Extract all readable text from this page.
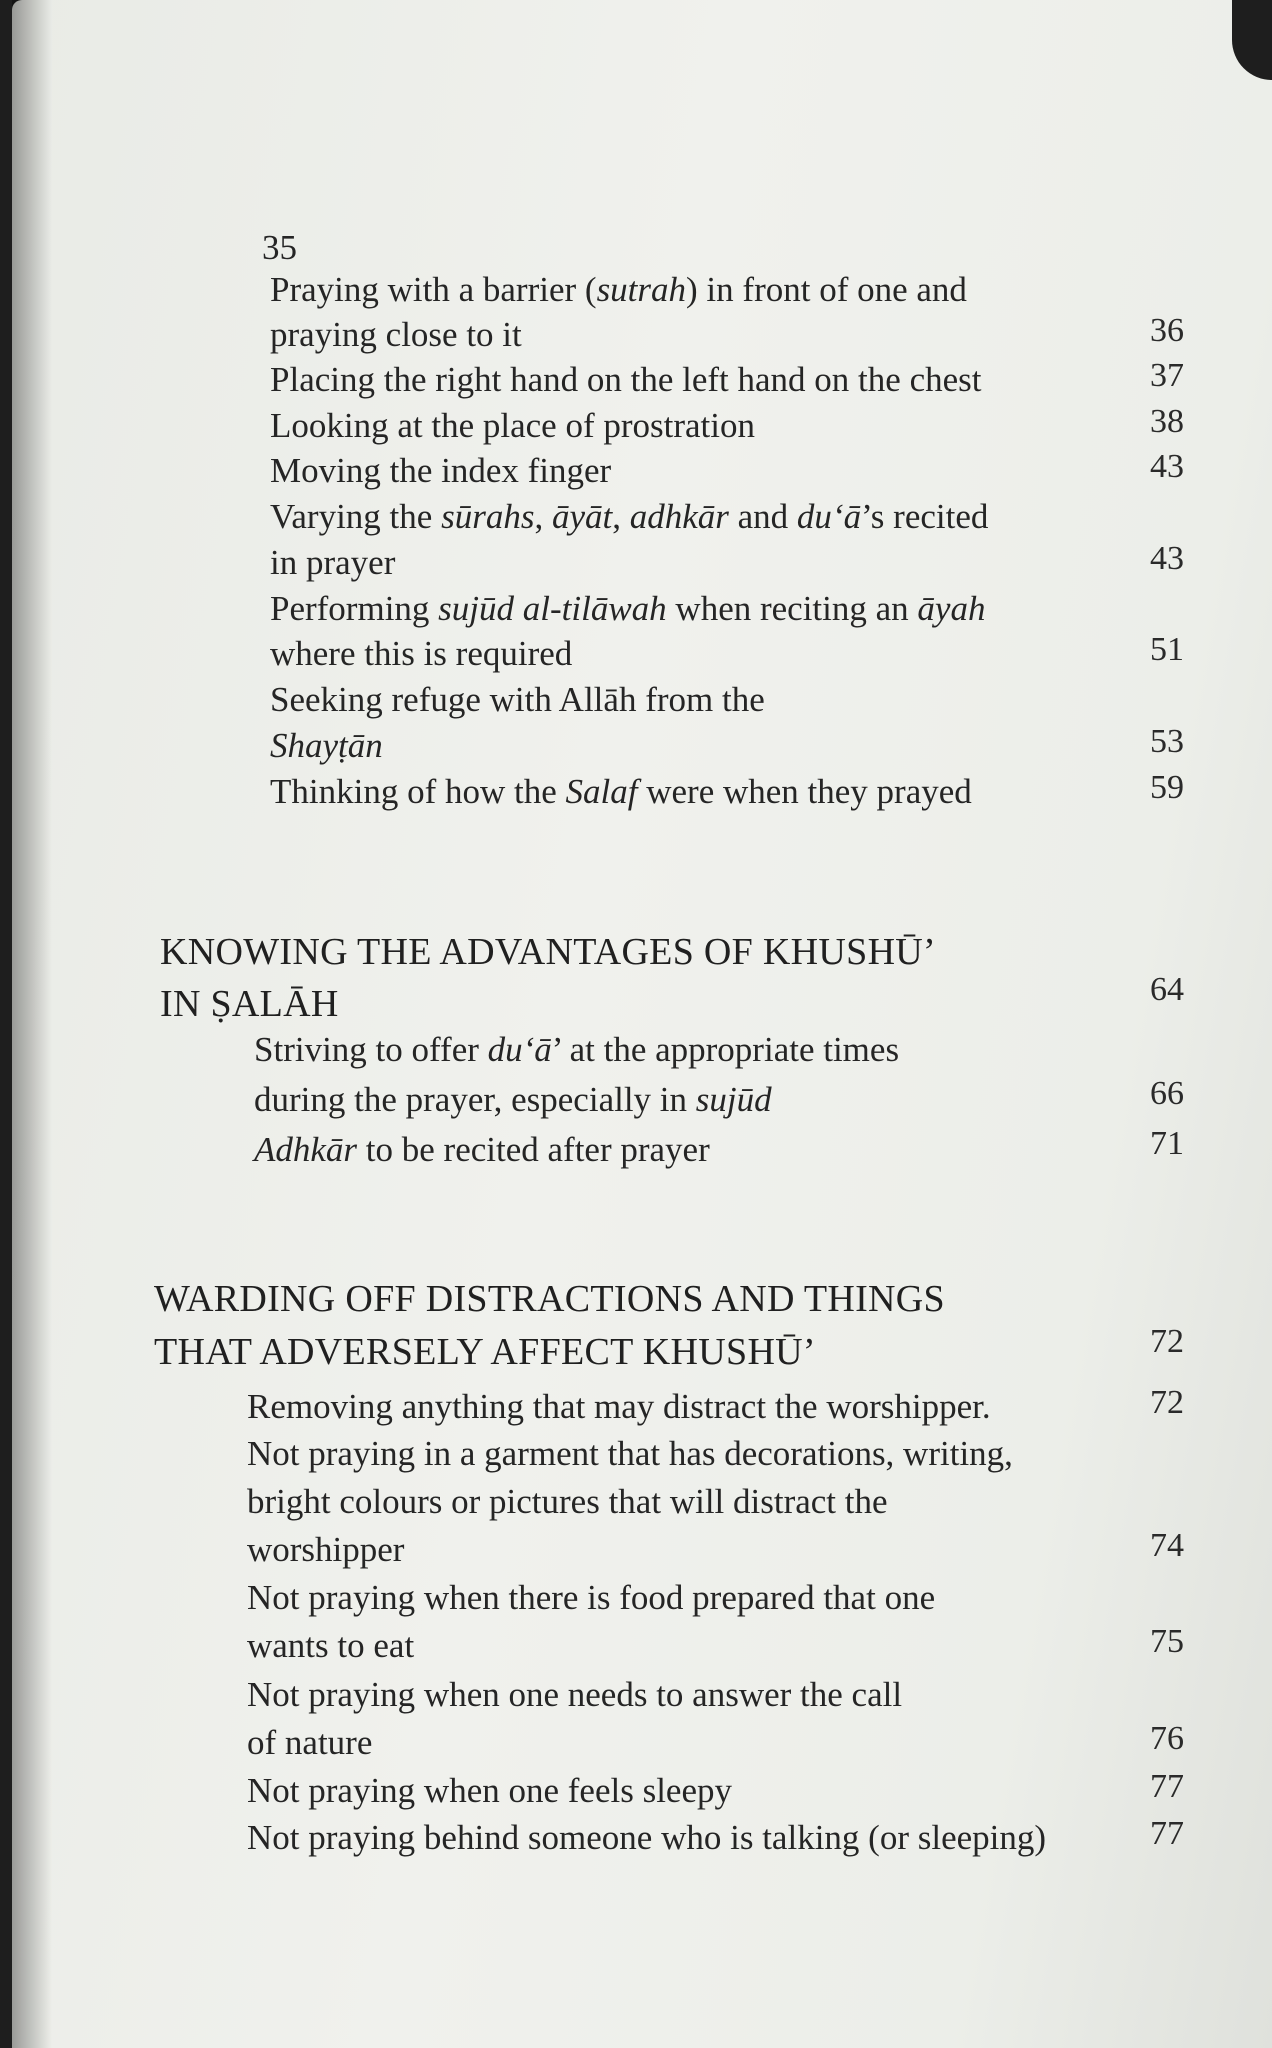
35
Praying with a barrier (sutrah) in front of one and
praying close to it	36
Placing the right hand on the left hand on the chest	37
Looking at the place of prostration	38
Moving the index finger	43
Varying the sūrahs, āyāt, adhkār and du‘ā’s recited
in prayer	43
Performing sujūd al-tilāwah when reciting an āyah
where this is required	51
Seeking refuge with Allāh from the
Shayṭān	53
Thinking of how the Salaf were when they prayed	59
KNOWING THE ADVANTAGES OF KHUSHŪ’
IN ṢALĀH	64
Striving to offer du‘ā’ at the appropriate times
during the prayer, especially in sujūd	66
Adhkār to be recited after prayer	71
WARDING OFF DISTRACTIONS AND THINGS
THAT ADVERSELY AFFECT KHUSHŪ’	72
Removing anything that may distract the worshipper.	72
Not praying in a garment that has decorations, writing,
bright colours or pictures that will distract the
worshipper	74
Not praying when there is food prepared that one
wants to eat	75
Not praying when one needs to answer the call
of nature	76
Not praying when one feels sleepy	77
Not praying behind someone who is talking (or sleeping)	77
